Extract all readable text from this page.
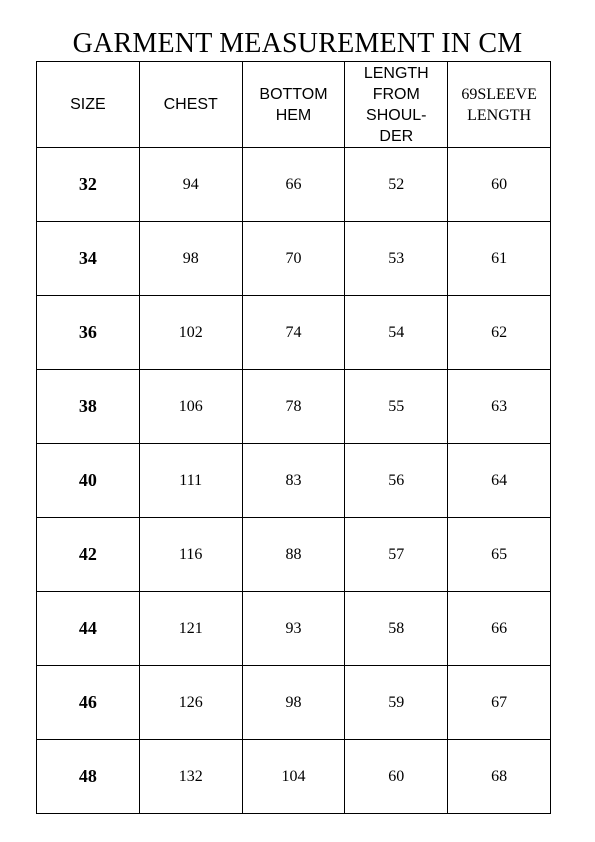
GARMENT MEASUREMENT IN CM
SIZE	CHEST	BOTTOM HEM	LENGTH FROM SHOUL-DER	69SLEEVE LENGTH
32	94	66	52	60
34	98	70	53	61
36	102	74	54	62
38	106	78	55	63
40	111	83	56	64
42	116	88	57	65
44	121	93	58	66
46	126	98	59	67
48	132	104	60	68
